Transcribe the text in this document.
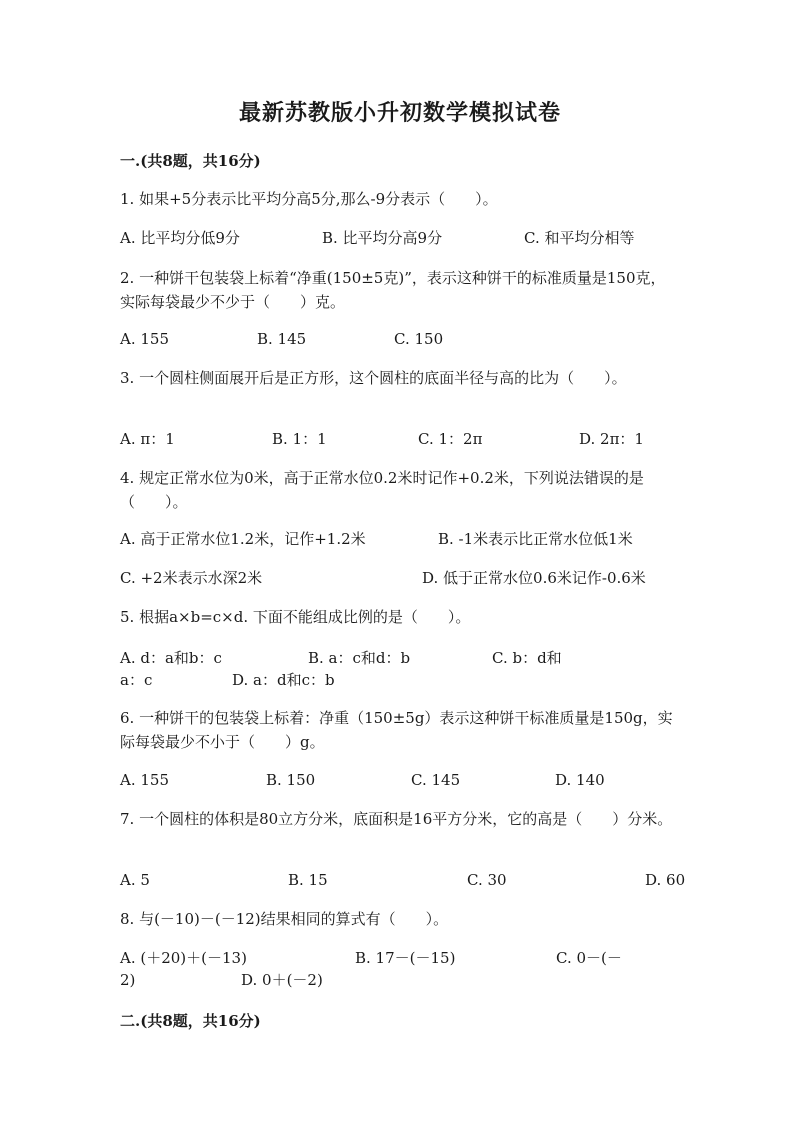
最新苏教版小升初数学模拟试卷
一.(共8题，共16分)
1. 如果+5分表示比平均分高5分,那么-9分表示（　　）。
A. 比平均分低9分	B. 比平均分高9分	C. 和平均分相等
2. 一种饼干包装袋上标着“净重(150±5克)”，表示这种饼干的标准质量是150克，实际每袋最少不少于（　　）克。
A. 155	B. 145	C. 150
3. 一个圆柱侧面展开后是正方形，这个圆柱的底面半径与高的比为（　　）。
A. π：1	B. 1：1	C. 1：2π	D. 2π：1
4. 规定正常水位为0米，高于正常水位0.2米时记作+0.2米，下列说法错误的是（　　）。
A. 高于正常水位1.2米，记作+1.2米	B. -1米表示比正常水位低1米
C. +2米表示水深2米	D. 低于正常水位0.6米记作-0.6米
5. 根据a×b=c×d. 下面不能组成比例的是（　　）。
A. d：a和b：c	B. a：c和d：b	C. b：d和
a：c	D. a：d和c：b
6. 一种饼干的包装袋上标着：净重（150±5g）表示这种饼干标准质量是150g，实际每袋最少不小于（　　）g。
A. 155	B. 150	C. 145	D. 140
7. 一个圆柱的体积是80立方分米，底面积是16平方分米，它的高是（　　）分米。
A. 5	B. 15	C. 30	D. 60
8. 与(－10)－(－12)结果相同的算式有（　　）。
A. (＋20)＋(－13)	B. 17－(－15)	C. 0－(－
2)	D. 0＋(－2)
二.(共8题，共16分)
